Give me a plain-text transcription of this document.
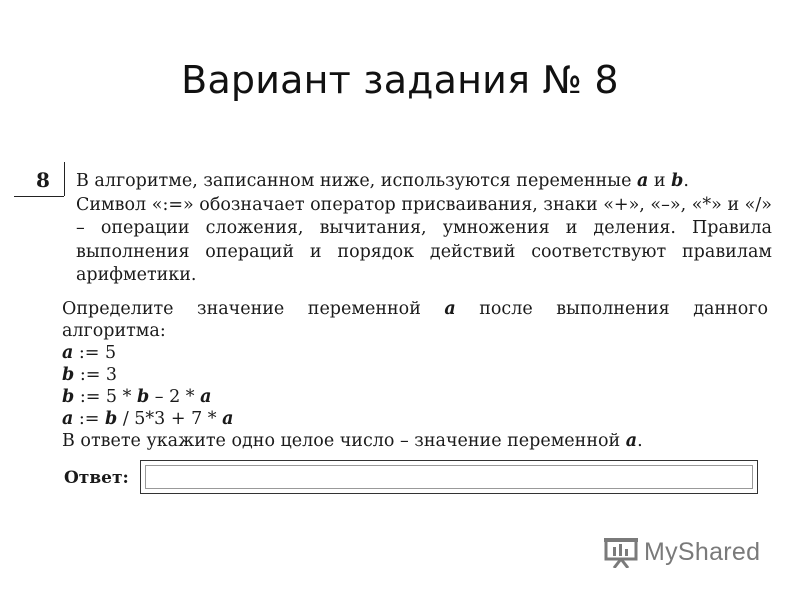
Вариант задания № 8
8	В алгоритме, записанном ниже, используются переменные a и b.

Символ «:=» обозначает оператор присваивания, знаки «+», «–», «*» и «/» – операции сложения, вычитания, умножения и деления. Правила выполнения операций и порядок действий соответствуют правилам арифметики.

Определите значение переменной a после выполнения данного

алгоритма:

a := 5

b := 3

b := 5 * b – 2 * a

a := b / 5*3 + 7 * a

В ответе укажите одно целое число – значение переменной a.

Ответ:
MyShared
